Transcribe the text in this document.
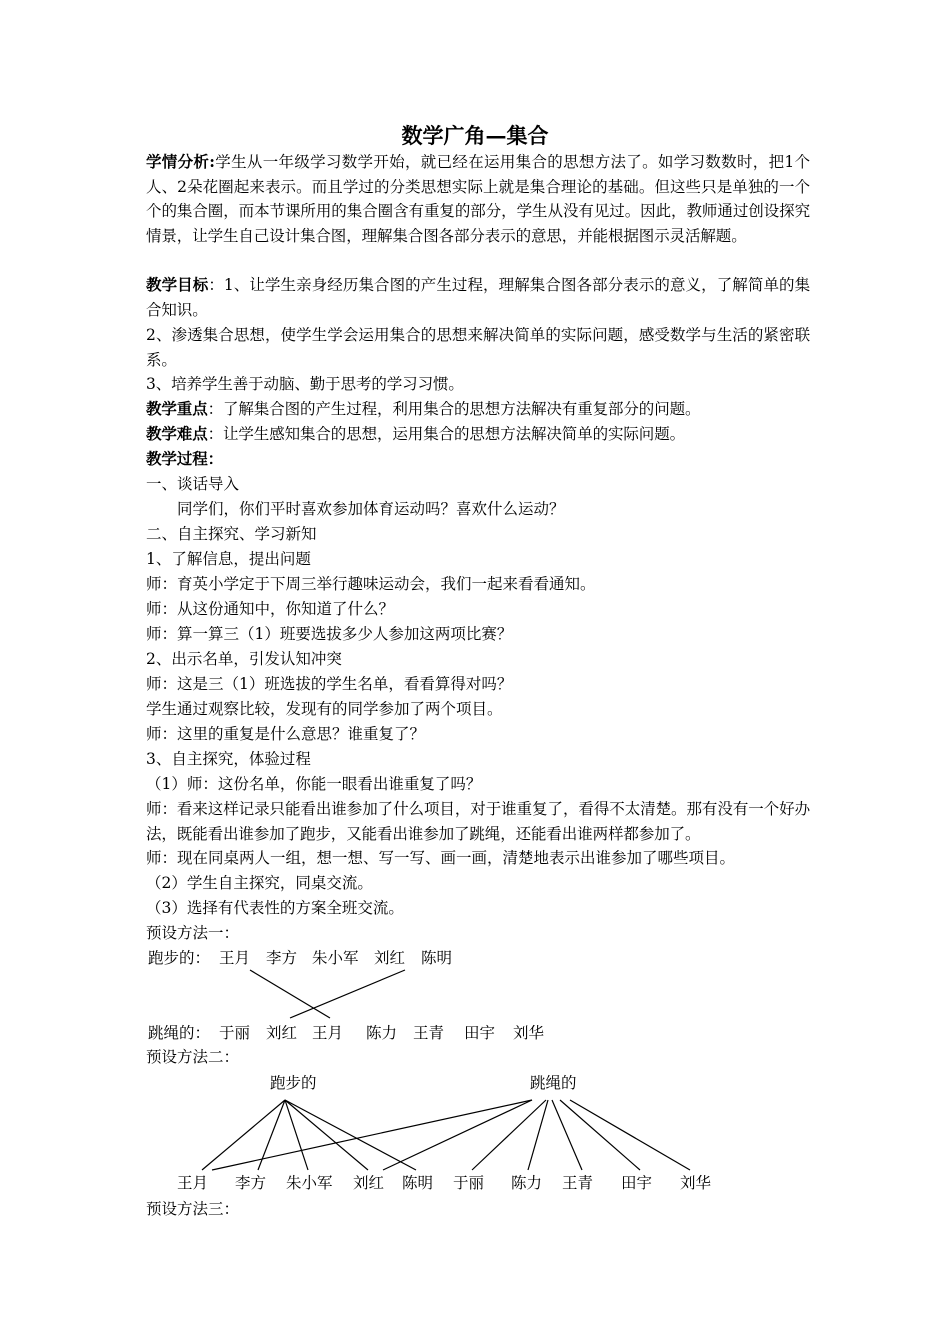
数学广角—集合
学情分析:学生从一年级学习数学开始，就已经在运用集合的思想方法了。如学习数数时，把1个人、2朵花圈起来表示。而且学过的分类思想实际上就是集合理论的基础。但这些只是单独的一个个的集合圈，而本节课所用的集合圈含有重复的部分，学生从没有见过。因此，教师通过创设探究情景，让学生自己设计集合图，理解集合图各部分表示的意思，并能根据图示灵活解题。
教学目标：1、让学生亲身经历集合图的产生过程，理解集合图各部分表示的意义，了解简单的集合知识。
2、渗透集合思想，使学生学会运用集合的思想来解决简单的实际问题，感受数学与生活的紧密联系。
3、培养学生善于动脑、勤于思考的学习习惯。
教学重点：了解集合图的产生过程，利用集合的思想方法解决有重复部分的问题。
教学难点：让学生感知集合的思想，运用集合的思想方法解决简单的实际问题。
教学过程：
一、谈话导入
　　同学们，你们平时喜欢参加体育运动吗？喜欢什么运动？
二、自主探究、学习新知
1、了解信息，提出问题
师：育英小学定于下周三举行趣味运动会，我们一起来看看通知。
师：从这份通知中，你知道了什么？
师：算一算三（1）班要选拔多少人参加这两项比赛？
2、出示名单，引发认知冲突
师：这是三（1）班选拔的学生名单，看看算得对吗？
学生通过观察比较，发现有的同学参加了两个项目。
师：这里的重复是什么意思？谁重复了？
3、自主探究，体验过程
（1）师：这份名单，你能一眼看出谁重复了吗？
师：看来这样记录只能看出谁参加了什么项目，对于谁重复了，看得不太清楚。那有没有一个好办法，既能看出谁参加了跑步，又能看出谁参加了跳绳，还能看出谁两样都参加了。
师：现在同桌两人一组，想一想、写一写、画一画，清楚地表示出谁参加了哪些项目。
（2）学生自主探究，同桌交流。
（3）选择有代表性的方案全班交流。
预设方法一：
跑步的： 王月 李方 朱小军 刘红 陈明
跳绳的： 于丽 刘红 王月 陈力 王青 田宇 刘华
预设方法二：
跑步的	跳绳的
王月 李方 朱小军 刘红 陈明 于丽 陈力 王青 田宇 刘华
预设方法三：
